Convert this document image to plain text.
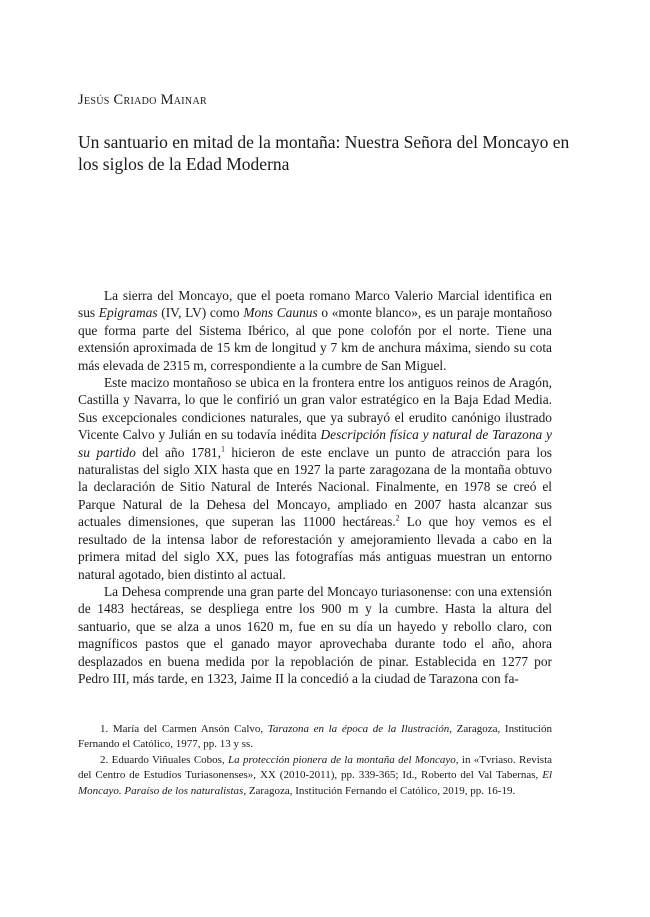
Jesús Criado Mainar
Un santuario en mitad de la montaña: Nuestra Señora del Moncayo en los siglos de la Edad Moderna

La sierra del Moncayo, que el poeta romano Marco Valerio Marcial identifica en sus Epigramas (IV, LV) como Mons Caunus o «monte blanco», es un paraje montañoso que forma parte del Sistema Ibérico, al que pone colofón por el norte. Tiene una extensión aproximada de 15 km de longitud y 7 km de anchura máxima, siendo su cota más elevada de 2315 m, correspondiente a la cumbre de San Miguel.

Este macizo montañoso se ubica en la frontera entre los antiguos reinos de Aragón, Castilla y Navarra, lo que le confirió un gran valor estratégico en la Baja Edad Media. Sus excepcionales condiciones naturales, que ya subrayó el erudito canónigo ilustrado Vicente Calvo y Julián en su todavía inédita Descripción física y natural de Tarazona y su partido del año 1781,$^1$ hicieron de este enclave un punto de atracción para los naturalistas del siglo XIX hasta que en 1927 la parte zaragozana de la montaña obtuvo la declaración de Sitio Natural de Interés Nacional. Finalmente, en 1978 se creó el Parque Natural de la Dehesa del Moncayo, ampliado en 2007 hasta alcanzar sus actuales dimensiones, que superan las 11000 hectáreas.$^2$ Lo que hoy vemos es el resultado de la intensa labor de reforestación y amejoramiento llevada a cabo en la primera mitad del siglo XX, pues las fotografías más antiguas muestran un entorno natural agotado, bien distinto al actual.

La Dehesa comprende una gran parte del Moncayo turiasonense: con una extensión de 1483 hectáreas, se despliega entre los 900 m y la cumbre. Hasta la altura del santuario, que se alza a unos 1620 m, fue en su día un hayedo y rebollo claro, con magníficos pastos que el ganado mayor aprovechaba durante todo el año, ahora desplazados en buena medida por la repoblación de pinar. Establecida en 1277 por Pedro III, más tarde, en 1323, Jaime II la concedió a la ciudad de Tarazona con fa-

1. María del Carmen Ansón Calvo, Tarazona en la época de la Ilustración, Zaragoza, Institución Fernando el Católico, 1977, pp. 13 y ss.

2. Eduardo Viñuales Cobos, La protección pionera de la montaña del Moncayo, in «Tvriaso. Revista del Centro de Estudios Turiasonenses», XX (2010-2011), pp. 339-365; Id., Roberto del Val Tabernas, El Moncayo. Paraíso de los naturalistas, Zaragoza, Institución Fernando el Católico, 2019, pp. 16-19.
